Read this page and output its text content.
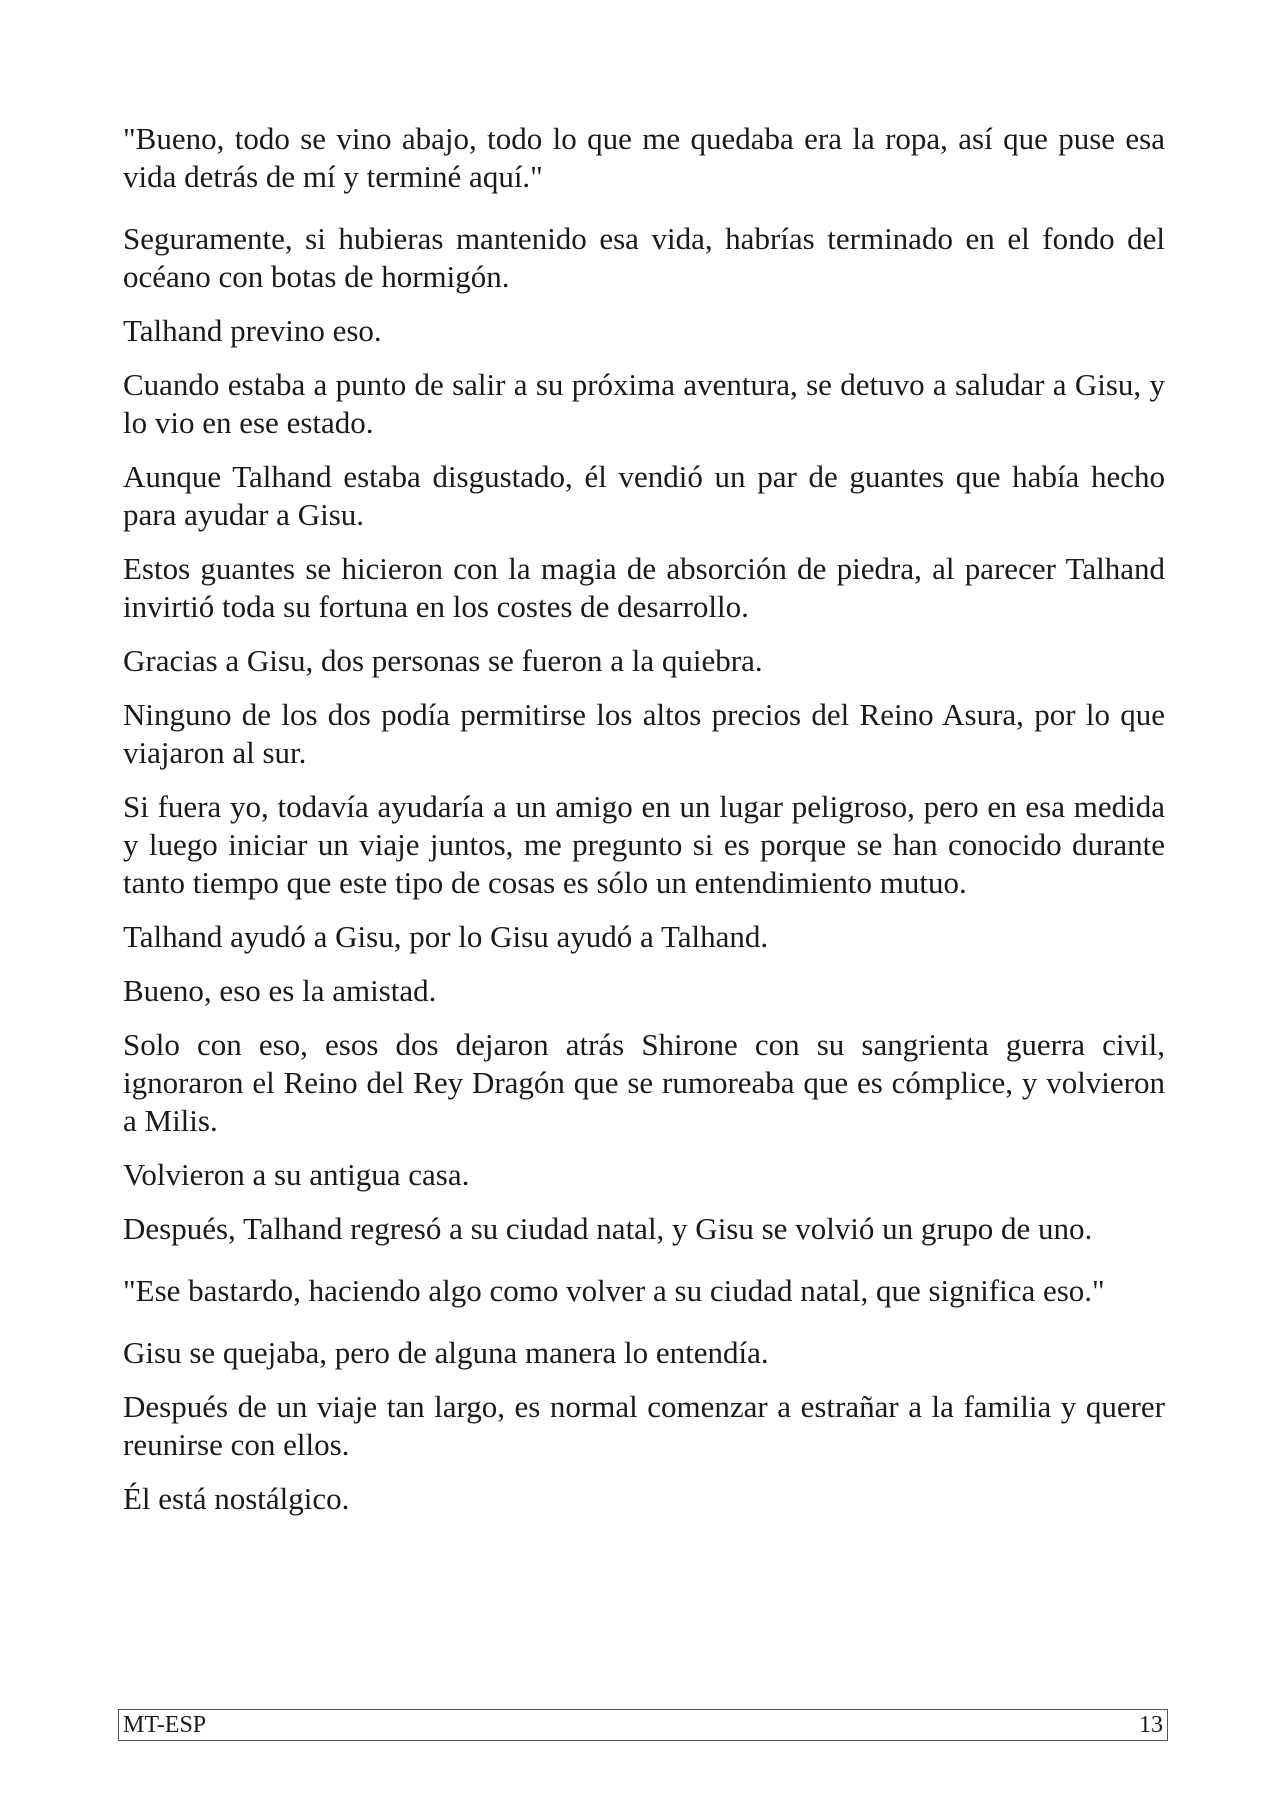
"Bueno, todo se vino abajo, todo lo que me quedaba era la ropa, así que puse esa vida detrás de mí y terminé aquí."

Seguramente, si hubieras mantenido esa vida, habrías terminado en el fondo del océano con botas de hormigón.

Talhand previno eso.

Cuando estaba a punto de salir a su próxima aventura, se detuvo a saludar a Gisu, y lo vio en ese estado.

Aunque Talhand estaba disgustado, él vendió un par de guantes que había hecho para ayudar a Gisu.

Estos guantes se hicieron con la magia de absorción de piedra, al parecer Talhand invirtió toda su fortuna en los costes de desarrollo.

Gracias a Gisu, dos personas se fueron a la quiebra.

Ninguno de los dos podía permitirse los altos precios del Reino Asura, por lo que viajaron al sur.

Si fuera yo, todavía ayudaría a un amigo en un lugar peligroso, pero en esa medida y luego iniciar un viaje juntos, me pregunto si es porque se han conocido durante tanto tiempo que este tipo de cosas es sólo un entendimiento mutuo.

Talhand ayudó a Gisu, por lo Gisu ayudó a Talhand.

Bueno, eso es la amistad.

Solo con eso, esos dos dejaron atrás Shirone con su sangrienta guerra civil, ignoraron el Reino del Rey Dragón que se rumoreaba que es cómplice, y volvieron a Milis.

Volvieron a su antigua casa.

Después, Talhand regresó a su ciudad natal, y Gisu se volvió un grupo de uno.

"Ese bastardo, haciendo algo como volver a su ciudad natal, que significa eso."

Gisu se quejaba, pero de alguna manera lo entendía.

Después de un viaje tan largo, es normal comenzar a estrañar a la familia y querer reunirse con ellos.

Él está nostálgico.

MT-ESP	13
